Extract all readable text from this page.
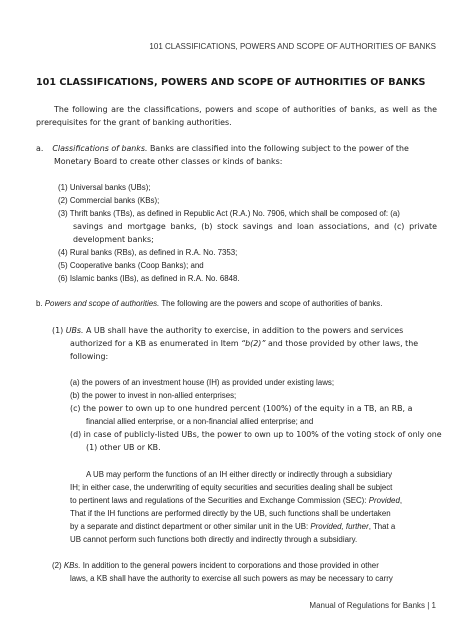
101 CLASSIFICATIONS, POWERS AND SCOPE OF AUTHORITIES OF BANKS
101 CLASSIFICATIONS, POWERS AND SCOPE OF AUTHORITIES OF BANKS
The following are the classifications, powers and scope of authorities of banks, as well as the
prerequisites for the grant of banking authorities.
a. Classifications of banks. Banks are classified into the following subject to the power of the
Monetary Board to create other classes or kinds of banks:
(1) Universal banks (UBs);
(2) Commercial banks (KBs);
(3) Thrift banks (TBs), as defined in Republic Act (R.A.) No. 7906, which shall be composed of: (a)
savings and mortgage banks, (b) stock savings and loan associations, and (c) private
development banks;
(4) Rural banks (RBs), as defined in R.A. No. 7353;
(5) Cooperative banks (Coop Banks); and
(6) Islamic banks (IBs), as defined in R.A. No. 6848.
b. Powers and scope of authorities. The following are the powers and scope of authorities of banks.
(1) UBs. A UB shall have the authority to exercise, in addition to the powers and services
authorized for a KB as enumerated in Item “b(2)” and those provided by other laws, the
following:
(a) the powers of an investment house (IH) as provided under existing laws;
(b) the power to invest in non-allied enterprises;
(c) the power to own up to one hundred percent (100%) of the equity in a TB, an RB, a
financial allied enterprise, or a non-financial allied enterprise; and
(d) in case of publicly-listed UBs, the power to own up to 100% of the voting stock of only one
(1) other UB or KB.
A UB may perform the functions of an IH either directly or indirectly through a subsidiary
IH; in either case, the underwriting of equity securities and securities dealing shall be subject
to pertinent laws and regulations of the Securities and Exchange Commission (SEC): Provided,
That if the IH functions are performed directly by the UB, such functions shall be undertaken
by a separate and distinct department or other similar unit in the UB: Provided, further, That a
UB cannot perform such functions both directly and indirectly through a subsidiary.
(2) KBs. In addition to the general powers incident to corporations and those provided in other
laws, a KB shall have the authority to exercise all such powers as may be necessary to carry
Manual of Regulations for Banks | 1
